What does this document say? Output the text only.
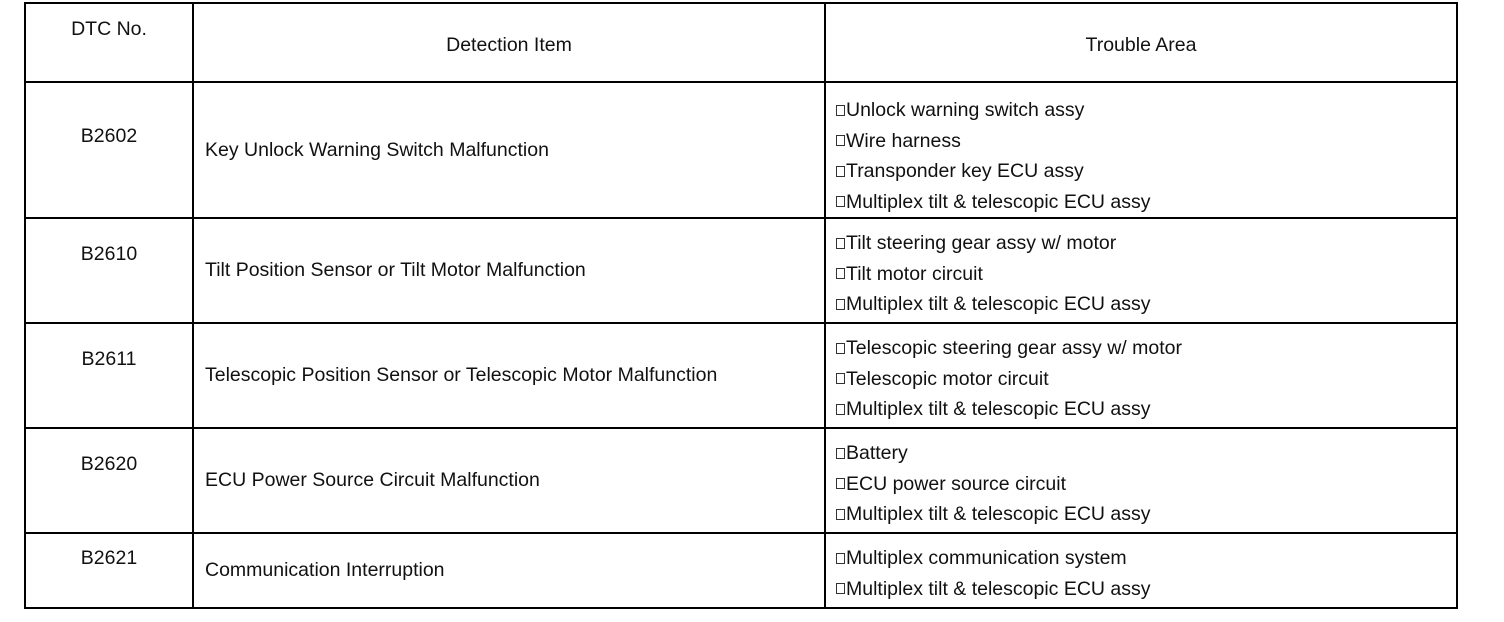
DTC No.	Detection Item	Trouble Area
B2602	Key Unlock Warning Switch Malfunction	Unlock warning switch assy
Wire harness
Transponder key ECU assy
Multiplex tilt & telescopic ECU assy

B2610	Tilt Position Sensor or Tilt Motor Malfunction	Tilt steering gear assy w/ motor
Tilt motor circuit
Multiplex tilt & telescopic ECU assy

B2611	Telescopic Position Sensor or Telescopic Motor Malfunction	Telescopic steering gear assy w/ motor
Telescopic motor circuit
Multiplex tilt & telescopic ECU assy

B2620	ECU Power Source Circuit Malfunction	Battery
ECU power source circuit
Multiplex tilt & telescopic ECU assy

B2621	Communication Interruption	Multiplex communication system
Multiplex tilt & telescopic ECU assy
